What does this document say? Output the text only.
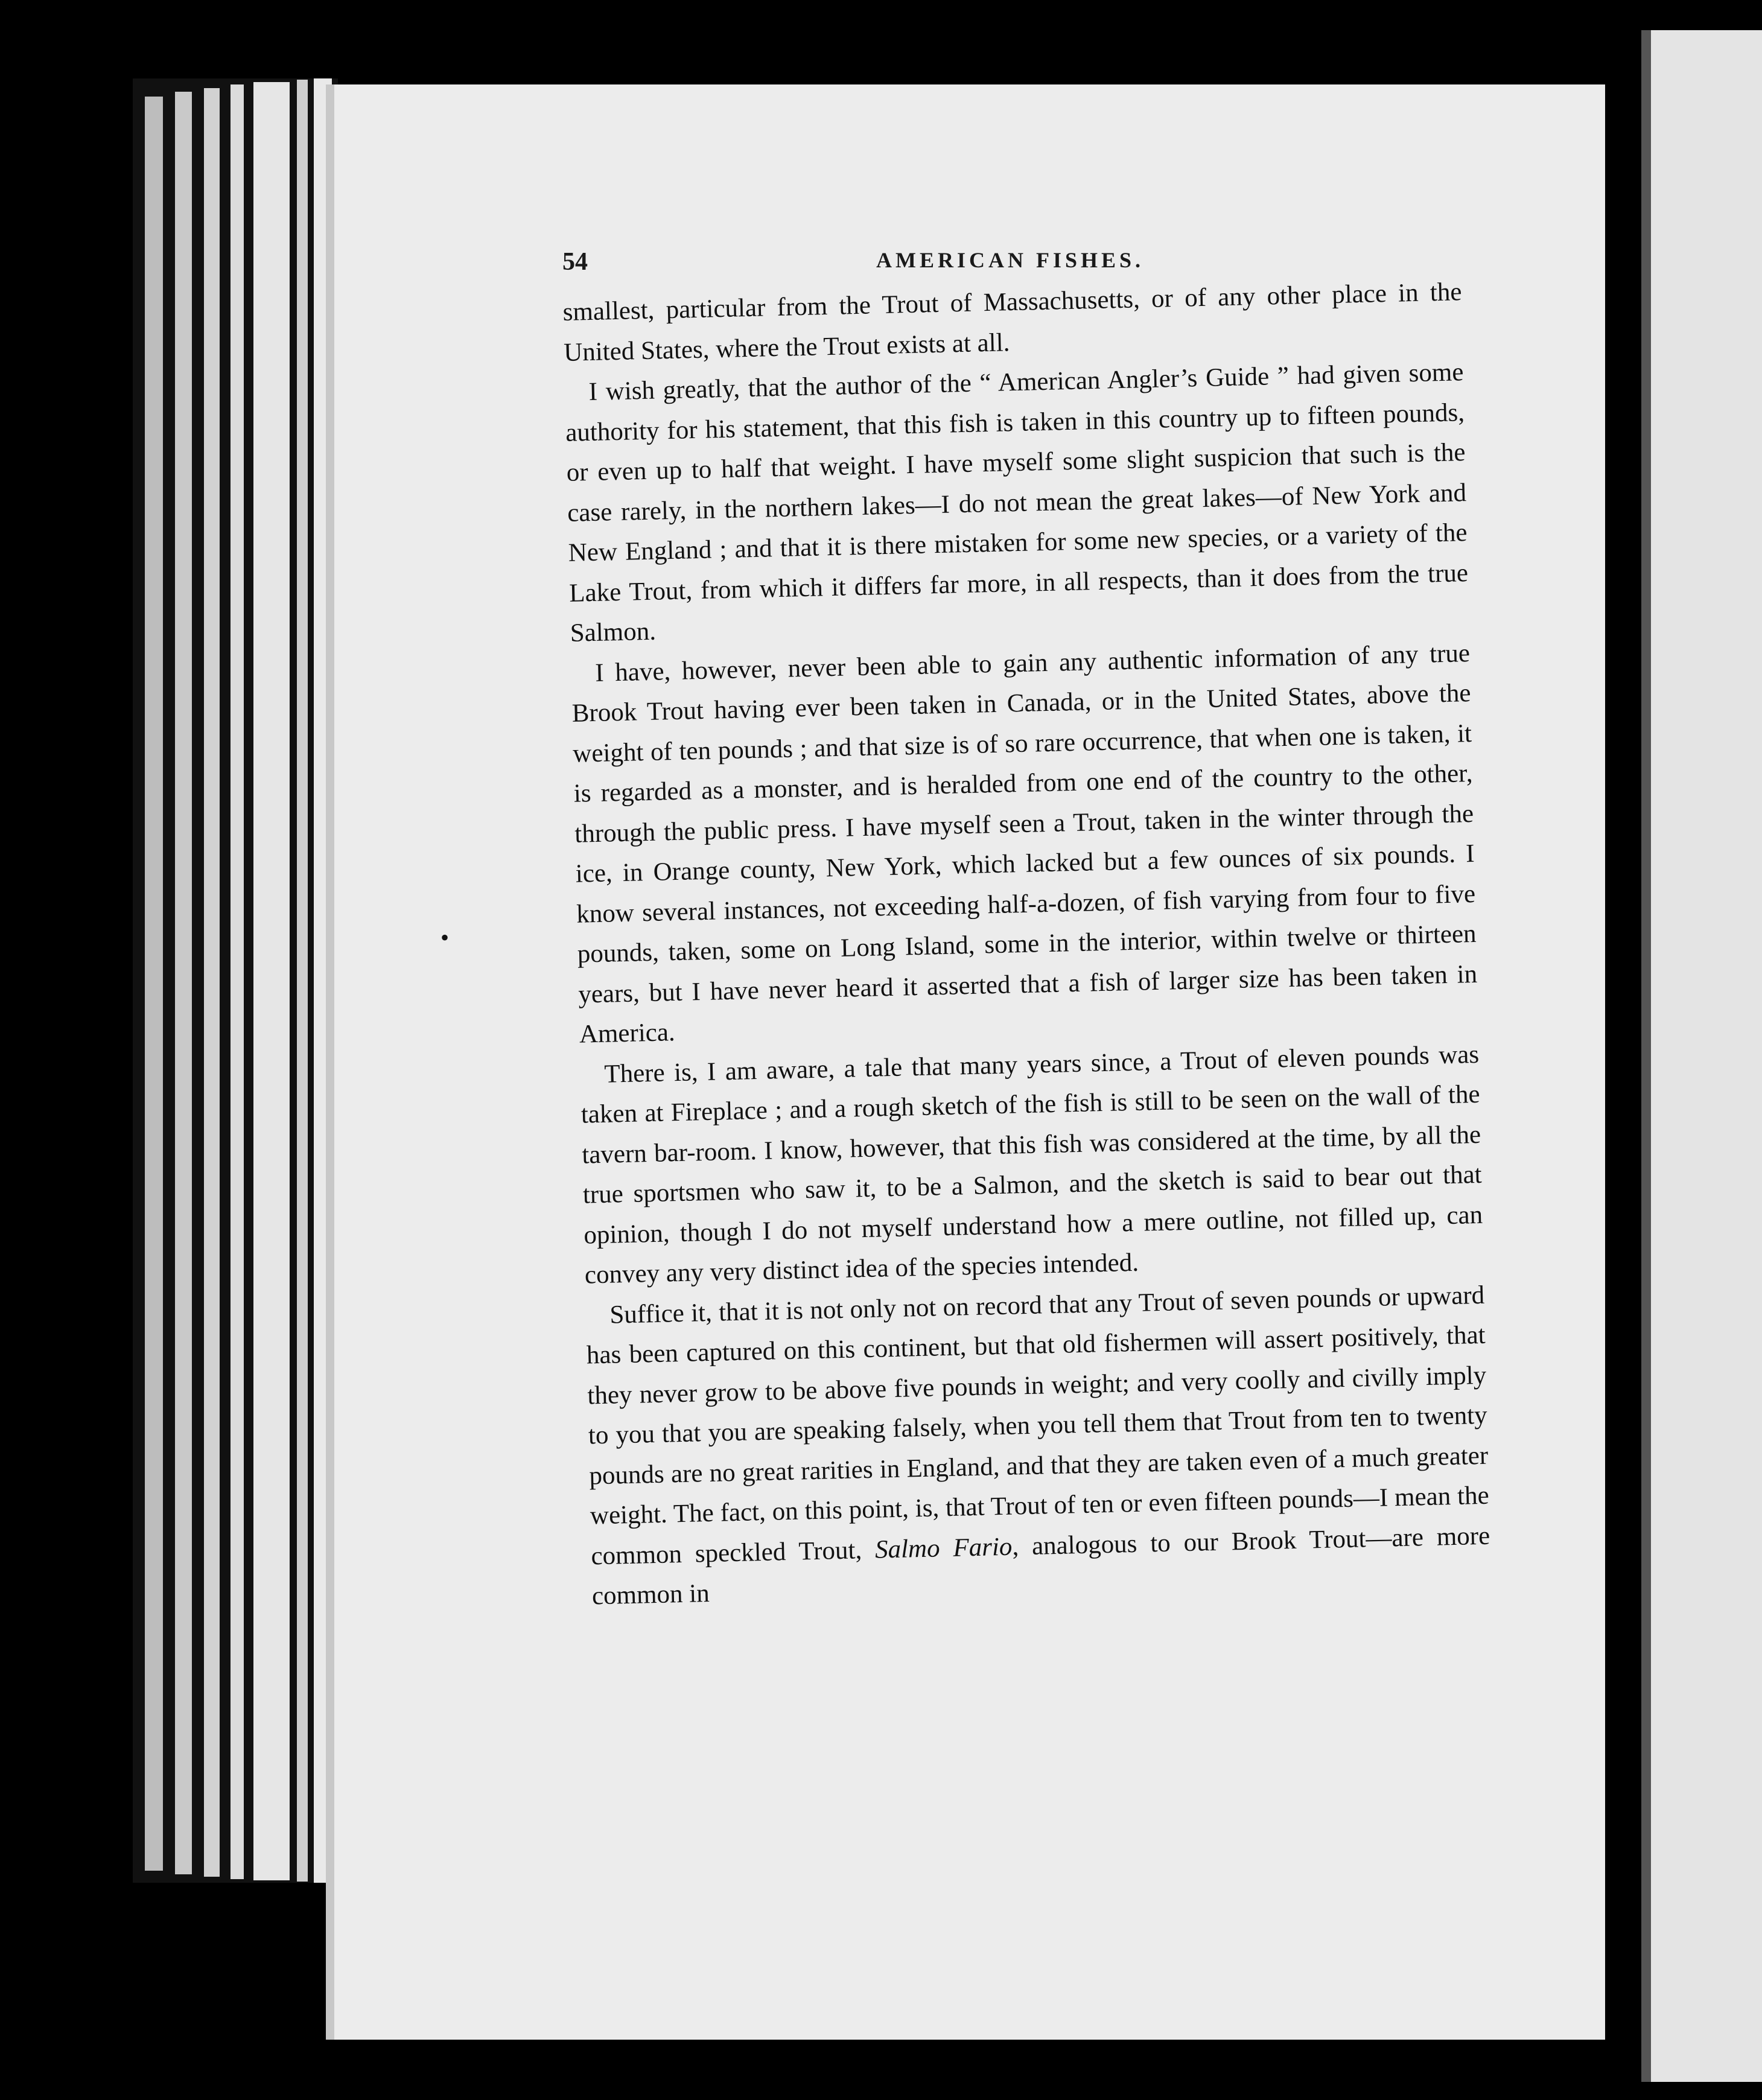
54	AMERICAN FISHES.

smallest, particular from the Trout of Massachusetts, or of any other place in the United States, where the Trout exists at all.

I wish greatly, that the author of the “ American Angler’s Guide ” had given some authority for his statement, that this fish is taken in this country up to fifteen pounds, or even up to half that weight. I have myself some slight suspicion that such is the case rarely, in the northern lakes—I do not mean the great lakes—of New York and New England ; and that it is there mistaken for some new species, or a variety of the Lake Trout, from which it differs far more, in all respects, than it does from the true Salmon.

I have, however, never been able to gain any authentic information of any true Brook Trout having ever been taken in Canada, or in the United States, above the weight of ten pounds ; and that size is of so rare occurrence, that when one is taken, it is regarded as a monster, and is heralded from one end of the country to the other, through the public press. I have myself seen a Trout, taken in the winter through the ice, in Orange county, New York, which lacked but a few ounces of six pounds. I know several instances, not exceeding half-a-dozen, of fish varying from four to five pounds, taken, some on Long Island, some in the interior, within twelve or thirteen years, but I have never heard it asserted that a fish of larger size has been taken in America.

There is, I am aware, a tale that many years since, a Trout of eleven pounds was taken at Fireplace ; and a rough sketch of the fish is still to be seen on the wall of the tavern bar-room. I know, however, that this fish was considered at the time, by all the true sportsmen who saw it, to be a Salmon, and the sketch is said to bear out that opinion, though I do not myself understand how a mere outline, not filled up, can convey any very distinct idea of the species intended.

Suffice it, that it is not only not on record that any Trout of seven pounds or upward has been captured on this continent, but that old fishermen will assert positively, that they never grow to be above five pounds in weight; and very coolly and civilly imply to you that you are speaking falsely, when you tell them that Trout from ten to twenty pounds are no great rarities in England, and that they are taken even of a much greater weight. The fact, on this point, is, that Trout of ten or even fifteen pounds—I mean the common speckled Trout, Salmo Fario, analogous to our Brook Trout—are more common in

•
